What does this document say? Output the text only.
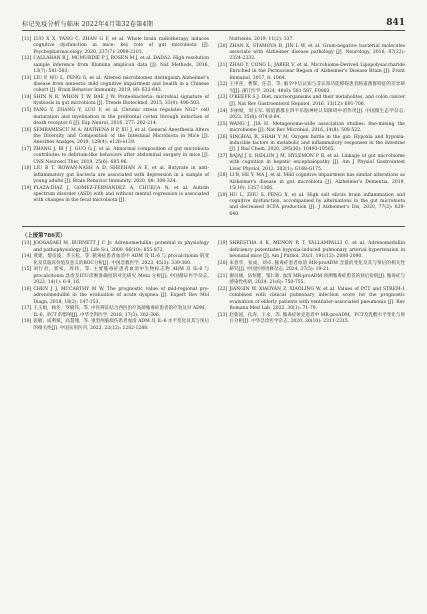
标记免疫分析与临床 2022年4月第32卷第4期	841
[11] LUO X X, YANG C, ZHAN G F, et al. Whole brain radiotherapy induces cognitive dysfunction in mice: key role of gut microbiota [J]. Psychopharmacology, 2020, 237(7): 2089-2101.
[12] CALLAHAN B J, MCMURDIE P J, ROSEN M J, et al. DADA2: High resolution sample inference from Illumina amplicon data [J]. Nat Methods, 2016, 13(7): 581-583.
[13] LIU P, WU L, PENG G, et al. Altered microbiomes distinguish Alzheimer's disease from amnestic mild cognitive impairment and health in a Chinese cohort [J]. Brain Behavior Immunity, 2019, 80: 633-643.
[14] SHIN N R, WHON T W, BAE J W. Proteobacteria: microbial signature of dysbiosis in gut microbiota [J]. Trends Biotechnol, 2015, 33(9): 496-503.
[15] YANG Y, ZHANG Y, LUO F, et al. Chronic stress regulates NG2⁺ cell maturation and myelination in the prefrontal cortex through induction of death receptor 6 [J]. Exp Neurol, 2016, 277: 202-214.
[16] SEMBAMESCU M A, MATHENA R P, XU J, et al. General Anesthesia Alters the Diversity and Composition of the Intestinal Microbiota in Mice [J]. Anesthes Analges, 2019, 129(4): e126-e129.
[17] ZHANG J, BI J J, GUO G J, et al. Abnormal composition of gut microbiota contributes to delirium-like behaviors after abdominal surgery in mice [J]. CNS Neurosci Ther, 2019, 25(6): 685-96.
[18] LIU B T, ROWAN-NASH A D, SHEEHAN A E, et al. Butyrate in anti-inflammatory gut bacteria are associated with depression in a sample of young adults [J]. Brain Behavior Immunity, 2020, 88: 308-324.
[19] PLAZA-DIAZ J, GOMEZ-FERNANDEZ A, CHUECA N, et al. Autism spectrum disorder (ASD) with and without mental regression is associated with changes in the fecal microbiota [J].
Nutrients, 2019, 11(2): 337.
[20] ZHAN X, STAMOVA B, JIN L W, et al. Gram-negative bacterial molecules associate with Alzheimer disease pathology [J]. Neurology, 2016, 87(22): 2324-2332.
[21] ZHAO Y, CONG L, JABER V, et al. Microbiome-Derived Lipopolysaccharide Enriched in the Perinuclear Region of Alzheimer's Disease Brain [J]. Front Immunol, 2017, 8: 1064.
[22] 王申喜，曹辉，任芸，等. 脑卒中后认知与非认知功能障碍患者肠道菌群特征的差异研究[J]. 浙江医学, 2024, 46(6): 581-587, F0003.
[23] O'KEEFE S J. Diet, microorganisms and their metabolites, and colon cancer [J]. Nat Rev Gastroenterol Hepatol, 2016, 13(12): 691-706.
[24] 李丽娟，周玉军. 肠道菌群在四平乐脑神经认知障碍中的作用[J]. 中国微生态学杂志, 2023, 35(8): 974-8-84.
[25] WANG J, JIA H. Metagenome-wide association studies: fine-mining the microbiome [J]. Nat Rev Microbiol, 2016, 14(8): 508-522.
[26] SINGHAL R, SHAH Y M. Oxygen battle in the gut: Hypoxia and hypoxia-inducible factors in metabolic and inflammatory responses in the intestine [J]. J Biol Chem, 2020, 295(30): 10493-10505.
[27] BAJAJ J S, RIDLON J M, HYLEMON P B, et al. Linkage of gut microbiome with cognition in hepatic encephalopathy [J]. Am J Physiol Gastrointest Liver Physiol, 2012, 302(1): G168-G175.
[28] LI B, HE Y, MA J, et al. Mild cognitive impairment has similar alterations as Alzheimer's disease in gut microbiota [J]. Alzheimer's Dementia, 2019, 15(10): 1357-1366.
[29] HU L, ZHU S, PENG X, et al. High salt elicits brain inflammation and cognitive dysfunction, accompanied by alternations in the gut microbiota and decreased SCFA production [J]. J Alzheimer's Dis, 2020, 77(2): 629-640.
（上接第786页）
[13] JOOGASAKI M, BURNETT J C Jr. Adrenomedullin: potential in physiology and pathophysiology [J]. Life Sci, 2000, 66(10): 855-872.
[14] 黄建，黎彦波，李玉松，等. 脓毒症患者血清中 ADM 及 IL-6 与 procalcitonin 的变化及其临床价值及意义的ROC分析[J]. 中国急救医学, 2023, 45(3): 339-360.
[15] 刘行君，郭家，周祎，等. 主要脓毒症患者血清中生物标志物 ADM 及 IL-6 与 procalcitonin 急诊及ICU诊断准确度的对比研究 Meta 分析[J]. 中国循证医学杂志, 2022, 14(1): 6-9, 16.
[16] CHEN J J, MCCARTHY M W. The prognostic value of mid-regional pro-adrenomedullin in the evaluation of acute dyspnea [J]. Expert Rev Mol Diagn, 2018, 18(2): 147-153.
[17] 王玉娟，杨冬，罗敏伟，等. 中医辨证结合西医治疗高龄脓毒症患者的疗效及对 ADM、IL-6、PCT 的影响[J]. 中华全科医学, 2018, 17(3): 302-306.
[18] 张敏，成利斌，高慧翔，等. 重型颅脑损伤患者血清 ADM 及 IL-6 水平变化及其与预后的相关性[J]. 中国实用医刊, 2022, 22(12): 1282-1288.
[19] SHRESTHA A K, MENON R T, YALLAMPALLI C, et al. Adrenomedullin deficiency potentiates hypoxia-induced pulmonary arterial hypertension in neonatal mice [J]. Am J Pathol, 2021, 191(12): 2080-2090.
[20] 朱春华，张成，刘卓. 脓毒症患者血清 MR-proADM 含量的变化及其与预后的相关性研究[J]. 中国医师进修杂志, 2024, 37(5): 19-21.
[21] 谢良丽，伍恒健，邹仁新. 血清 MR-proADM 预测脓毒症患者的预后价值[J]. 脓毒症与感染性疾病, 2024, 21(6): 750-755.
[22] JIANGIN W, XIAOYAN Z, XIAOLING W, et al. Values of PCT and STREM-1 combined with clinical pulmonary infection score for the prognostic evaluation of elderly patients with ventilator-associated pneumonia [J]. Rev Romana Med Lab, 2022, 30(1): 71-79.
[23] 赵新国，孔涛，王永，等. 脓毒症休克患者中 MR-proADM、PCT及乳酸水平变化与预后分析[J]. 中华急诊医学杂志, 2020, 30(10): 2311-2315.
